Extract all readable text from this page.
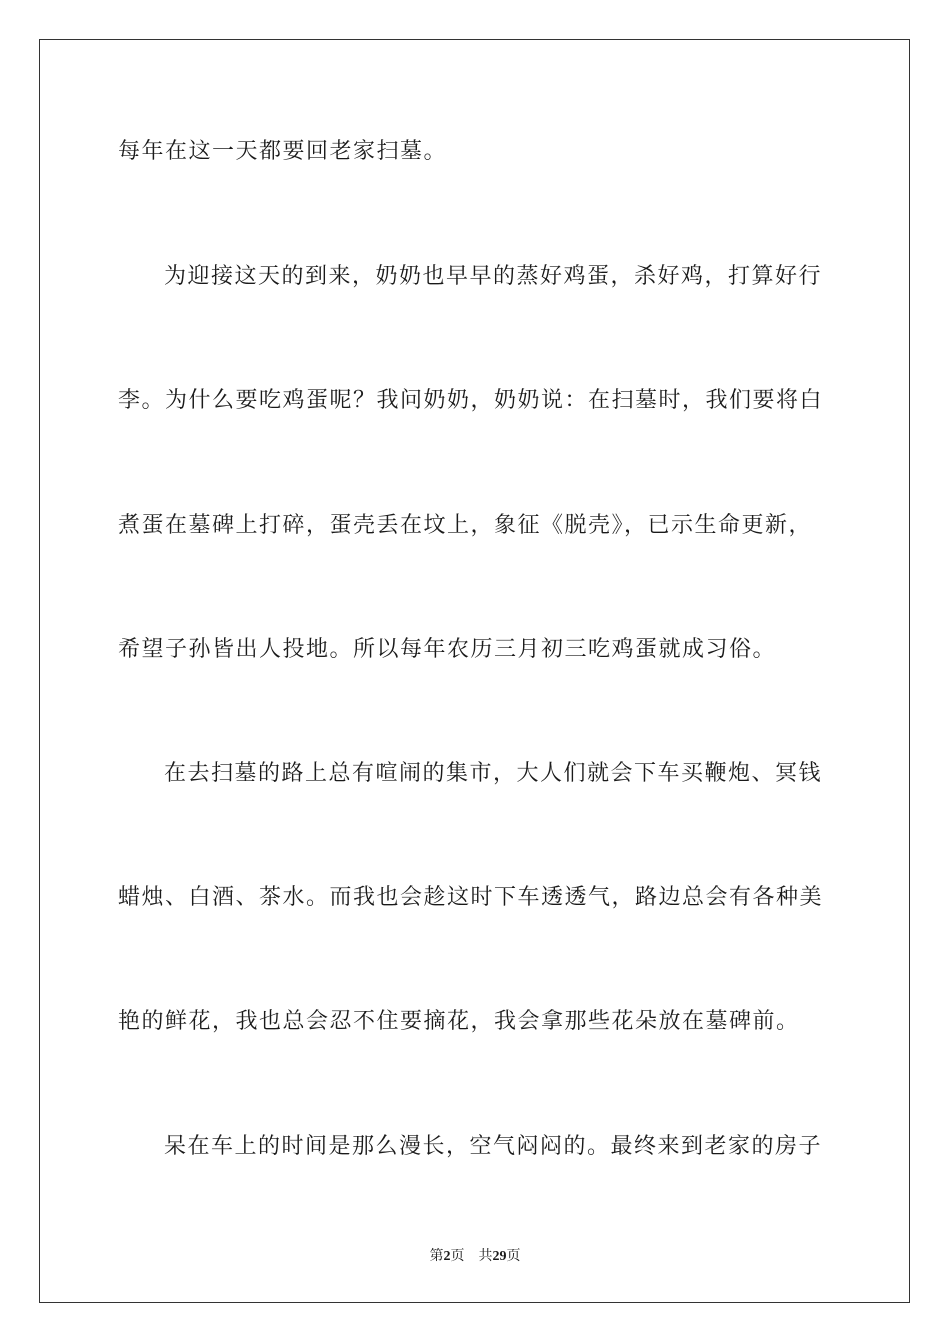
每年在这一天都要回老家扫墓。
为迎接这天的到来，奶奶也早早的蒸好鸡蛋，杀好鸡，打算好行
李。为什么要吃鸡蛋呢？我问奶奶，奶奶说：在扫墓时，我们要将白
煮蛋在墓碑上打碎，蛋壳丢在坟上，象征《脱壳》，已示生命更新，
希望子孙皆出人投地。所以每年农历三月初三吃鸡蛋就成习俗。
在去扫墓的路上总有喧闹的集市，大人们就会下车买鞭炮、冥钱
蜡烛、白酒、茶水。而我也会趁这时下车透透气，路边总会有各种美
艳的鲜花，我也总会忍不住要摘花，我会拿那些花朵放在墓碑前。
呆在车上的时间是那么漫长，空气闷闷的。最终来到老家的房子
第2页 共29页
